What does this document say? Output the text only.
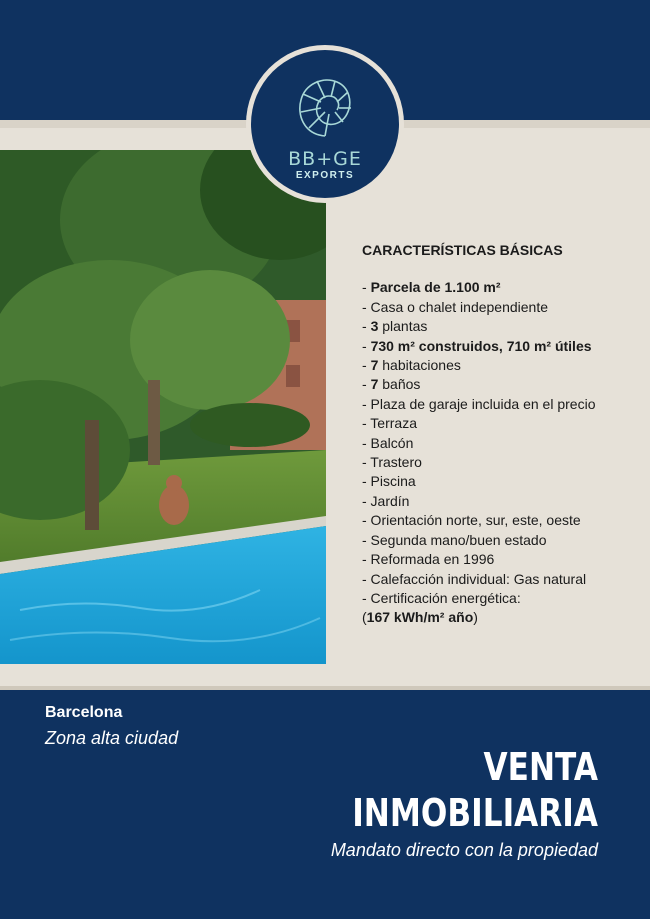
BB+GE
EXPORTS
CARACTERÍSTICAS BÁSICAS
- Parcela de 1.100 m²
- Casa o chalet independiente
- 3 plantas
- 730 m² construidos, 710 m² útiles
- 7 habitaciones
- 7 baños
- Plaza de garaje incluida en el precio
- Terraza
- Balcón
- Trastero
- Piscina
- Jardín
- Orientación norte, sur, este, oeste
- Segunda mano/buen estado
- Reformada en 1996
- Calefacción individual: Gas natural
- Certificación energética:
(167 kWh/m² año)
Barcelona
Zona alta ciudad
VENTA
INMOBILIARIA
Mandato directo con la propiedad
